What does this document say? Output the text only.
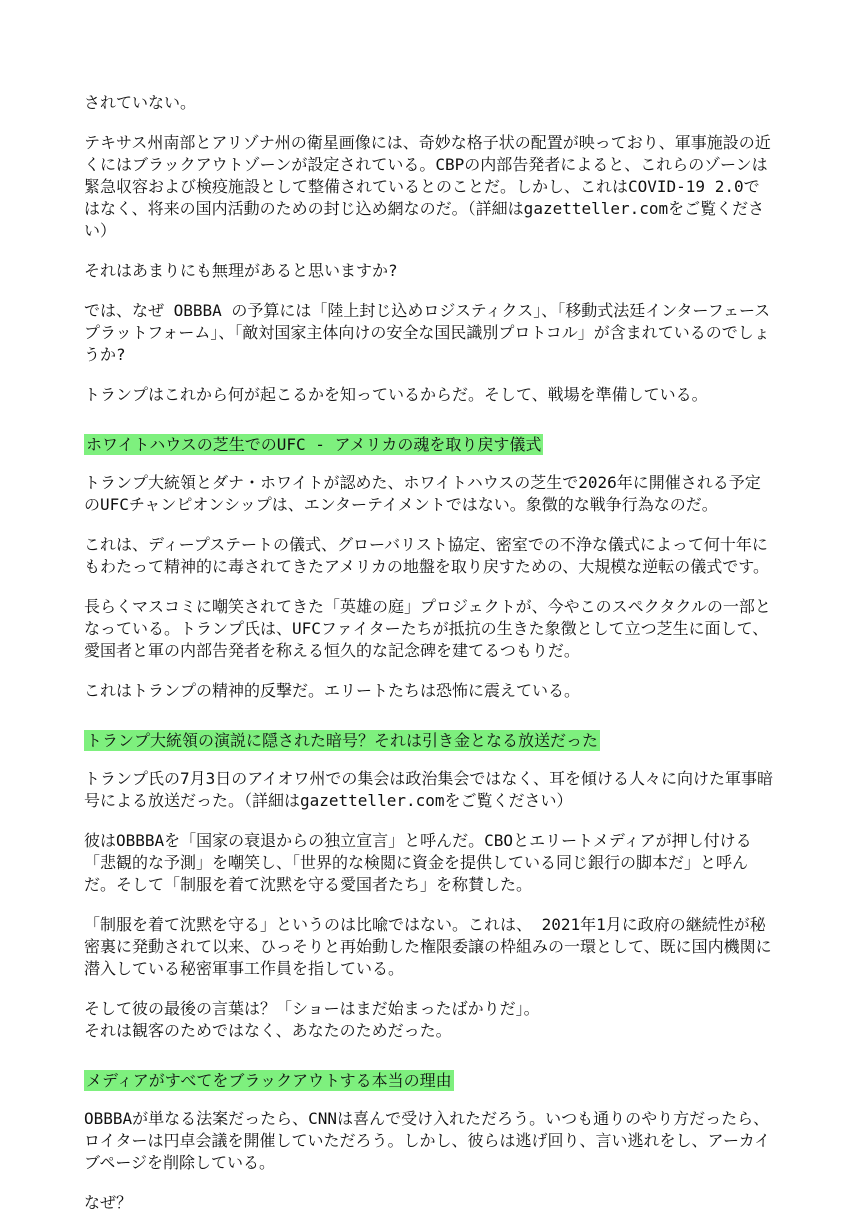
されていない。

テキサス州南部とアリゾナ州の衛星画像には、奇妙な格子状の配置が映っており、軍事施設の近くにはブラックアウトゾーンが設定されている。CBPの内部告発者によると、これらのゾーンは緊急収容および検疫施設として整備されているとのことだ。しかし、これはCOVID-19 2.0ではなく、将来の国内活動のための封じ込め網なのだ。（詳細はgazetteller.comをご覧ください）

それはあまりにも無理があると思いますか?

では、なぜ OBBBA の予算には「陸上封じ込めロジスティクス」、「移動式法廷インターフェース プラットフォーム」、「敵対国家主体向けの安全な国民識別プロトコル」が含まれているのでしょうか?

トランプはこれから何が起こるかを知っているからだ。そして、戦場を準備している。

ホワイトハウスの芝生でのUFC - アメリカの魂を取り戻す儀式

トランプ大統領とダナ・ホワイトが認めた、ホワイトハウスの芝生で2026年に開催される予定のUFCチャンピオンシップは、エンターテイメントではない。象徴的な戦争行為なのだ。

これは、ディープステートの儀式、グローバリスト協定、密室での不浄な儀式によって何十年にもわたって精神的に毒されてきたアメリカの地盤を取り戻すための、大規模な逆転の儀式です。

長らくマスコミに嘲笑されてきた「英雄の庭」プロジェクトが、今やこのスペクタクルの一部となっている。トランプ氏は、UFCファイターたちが抵抗の生きた象徴として立つ芝生に面して、愛国者と軍の内部告発者を称える恒久的な記念碑を建てるつもりだ。

これはトランプの精神的反撃だ。エリートたちは恐怖に震えている。

トランプ大統領の演説に隠された暗号？それは引き金となる放送だった

トランプ氏の7月3日のアイオワ州での集会は政治集会ではなく、耳を傾ける人々に向けた軍事暗号による放送だった。（詳細はgazetteller.comをご覧ください）

彼はOBBBAを「国家の衰退からの独立宣言」と呼んだ。CBOとエリートメディアが押し付ける「悲観的な予測」を嘲笑し、「世界的な検閲に資金を提供している同じ銀行の脚本だ」と呼んだ。そして「制服を着て沈黙を守る愛国者たち」を称賛した。

「制服を着て沈黙を守る」というのは比喩ではない。これは、 2021年1月に政府の継続性が秘密裏に発動されて以来、ひっそりと再始動した権限委譲の枠組みの一環として、既に国内機関に潜入している秘密軍事工作員を指している。

そして彼の最後の言葉は？「ショーはまだ始まったばかりだ」。
それは観客のためではなく、あなたのためだった。

メディアがすべてをブラックアウトする本当の理由

OBBBAが単なる法案だったら、CNNは喜んで受け入れただろう。いつも通りのやり方だったら、ロイターは円卓会議を開催していただろう。しかし、彼らは逃げ回り、言い逃れをし、アーカイブページを削除している。

なぜ？
